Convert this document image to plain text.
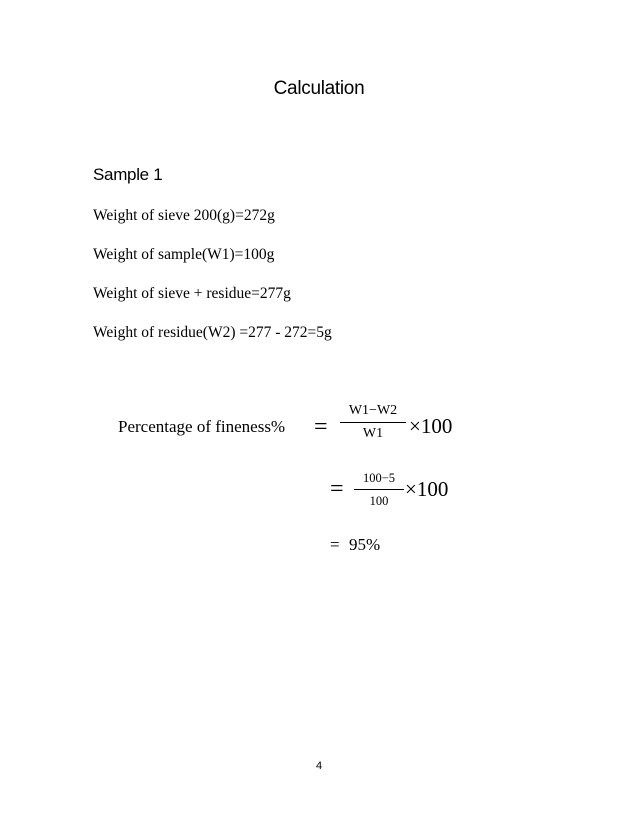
Calculation
Sample 1
Weight of sieve 200(g)=272g
Weight of sample(W1)=100g
Weight of sieve + residue=277g
Weight of residue(W2) =277 - 272=5g
Percentage of fineness% =
W1−W2
W1	×100
=	100−5
100 ×100
= 95%
4
